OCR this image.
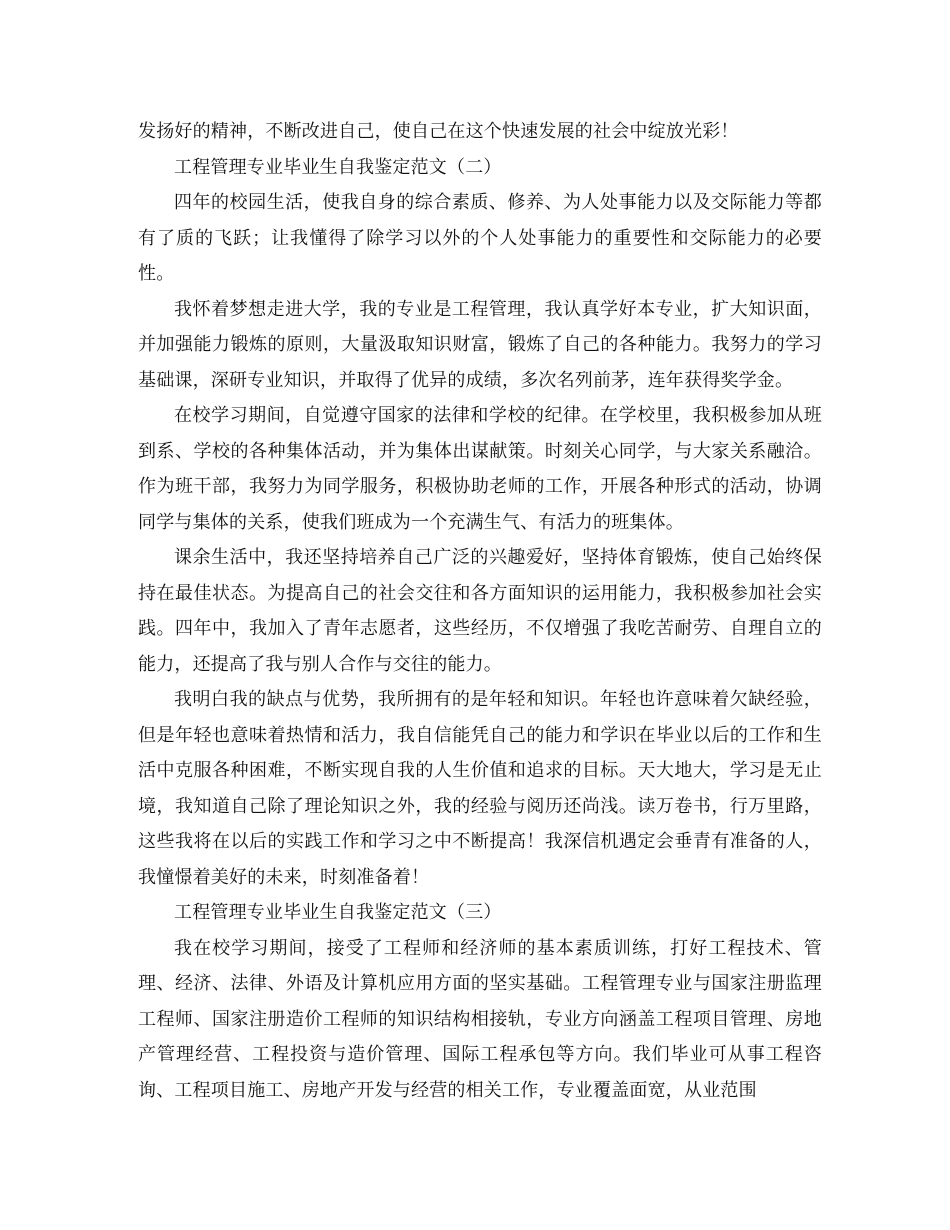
发扬好的精神，不断改进自己，使自己在这个快速发展的社会中绽放光彩！

工程管理专业毕业生自我鉴定范文（二）

四年的校园生活，使我自身的综合素质、修养、为人处事能力以及交际能力等都有了质的飞跃；让我懂得了除学习以外的个人处事能力的重要性和交际能力的必要性。

我怀着梦想走进大学，我的专业是工程管理，我认真学好本专业，扩大知识面，并加强能力锻炼的原则，大量汲取知识财富，锻炼了自己的各种能力。我努力的学习基础课，深研专业知识，并取得了优异的成绩，多次名列前茅，连年获得奖学金。

在校学习期间，自觉遵守国家的法律和学校的纪律。在学校里，我积极参加从班到系、学校的各种集体活动，并为集体出谋献策。时刻关心同学，与大家关系融洽。作为班干部，我努力为同学服务，积极协助老师的工作，开展各种形式的活动，协调同学与集体的关系，使我们班成为一个充满生气、有活力的班集体。

课余生活中，我还坚持培养自己广泛的兴趣爱好，坚持体育锻炼，使自己始终保持在最佳状态。为提高自己的社会交往和各方面知识的运用能力，我积极参加社会实践。四年中，我加入了青年志愿者，这些经历，不仅增强了我吃苦耐劳、自理自立的能力，还提高了我与别人合作与交往的能力。

我明白我的缺点与优势，我所拥有的是年轻和知识。年轻也许意味着欠缺经验，但是年轻也意味着热情和活力，我自信能凭自己的能力和学识在毕业以后的工作和生活中克服各种困难，不断实现自我的人生价值和追求的目标。天大地大，学习是无止境，我知道自己除了理论知识之外，我的经验与阅历还尚浅。读万卷书，行万里路，这些我将在以后的实践工作和学习之中不断提高！我深信机遇定会垂青有准备的人，我憧憬着美好的未来，时刻准备着！

工程管理专业毕业生自我鉴定范文（三）

我在校学习期间，接受了工程师和经济师的基本素质训练，打好工程技术、管理、经济、法律、外语及计算机应用方面的坚实基础。工程管理专业与国家注册监理工程师、国家注册造价工程师的知识结构相接轨，专业方向涵盖工程项目管理、房地产管理经营、工程投资与造价管理、国际工程承包等方向。我们毕业可从事工程咨询、工程项目施工、房地产开发与经营的相关工作，专业覆盖面宽，从业范围
